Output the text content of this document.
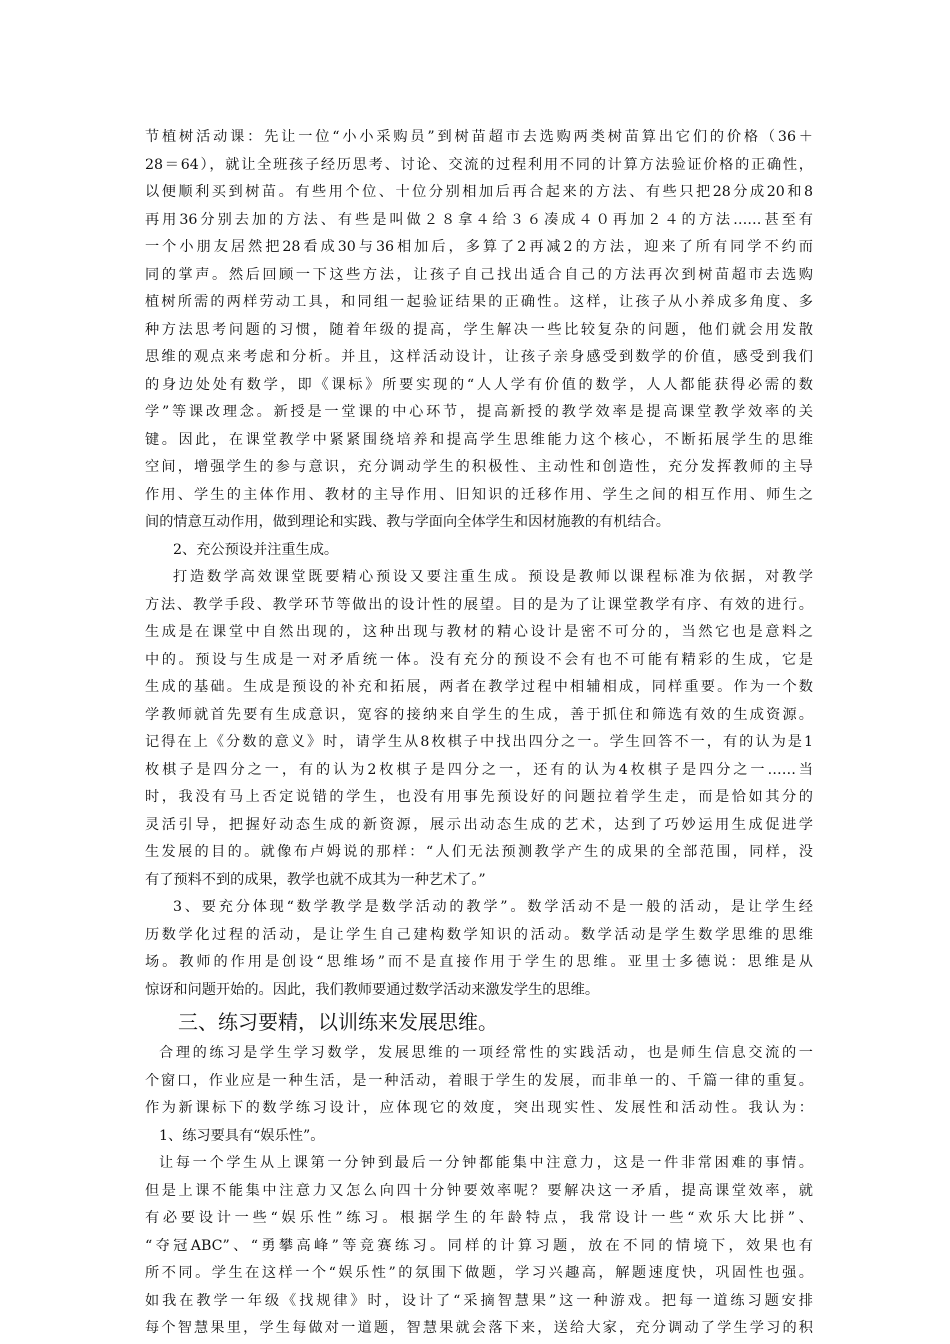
节植树活动课：先让一位“小小采购员”到树苗超市去选购两类树苗算出它们的价格（36＋
28＝64），就让全班孩子经历思考、讨论、交流的过程利用不同的计算方法验证价格的正确性，
以便顺利买到树苗。有些用个位、十位分别相加后再合起来的方法、有些只把28分成20和8
再用36分别去加的方法、有些是叫做２８拿４给３６凑成４０再加２４的方法……甚至有
一个小朋友居然把28看成30与36相加后，多算了2再减2的方法，迎来了所有同学不约而
同的掌声。然后回顾一下这些方法，让孩子自己找出适合自己的方法再次到树苗超市去选购
植树所需的两样劳动工具，和同组一起验证结果的正确性。这样，让孩子从小养成多角度、多
种方法思考问题的习惯，随着年级的提高，学生解决一些比较复杂的问题，他们就会用发散
思维的观点来考虑和分析。并且，这样活动设计，让孩子亲身感受到数学的价值，感受到我们
的身边处处有数学，即《课标》所要实现的“人人学有价值的数学，人人都能获得必需的数
学”等课改理念。新授是一堂课的中心环节，提高新授的教学效率是提高课堂教学效率的关
键。因此，在课堂教学中紧紧围绕培养和提高学生思维能力这个核心，不断拓展学生的思维
空间，增强学生的参与意识，充分调动学生的积极性、主动性和创造性，充分发挥教师的主导
作用、学生的主体作用、教材的主导作用、旧知识的迁移作用、学生之间的相互作用、师生之
间的情意互动作用，做到理论和实践、教与学面向全体学生和因材施教的有机结合。
2、充公预设并注重生成。
打造数学高效课堂既要精心预设又要注重生成。预设是教师以课程标准为依据，对教学
方法、教学手段、教学环节等做出的设计性的展望。目的是为了让课堂教学有序、有效的进行。
生成是在课堂中自然出现的，这种出现与教材的精心设计是密不可分的，当然它也是意料之
中的。预设与生成是一对矛盾统一体。没有充分的预设不会有也不可能有精彩的生成，它是
生成的基础。生成是预设的补充和拓展，两者在教学过程中相辅相成，同样重要。作为一个数
学教师就首先要有生成意识，宽容的接纳来自学生的生成，善于抓住和筛选有效的生成资源。
记得在上《分数的意义》时，请学生从8枚棋子中找出四分之一。学生回答不一，有的认为是1
枚棋子是四分之一，有的认为2枚棋子是四分之一，还有的认为4枚棋子是四分之一……当
时，我没有马上否定说错的学生，也没有用事先预设好的问题拉着学生走，而是恰如其分的
灵活引导，把握好动态生成的新资源，展示出动态生成的艺术，达到了巧妙运用生成促进学
生发展的目的。就像布卢姆说的那样：“人们无法预测教学产生的成果的全部范围，同样，没
有了预料不到的成果，教学也就不成其为一种艺术了。”
3、要充分体现“数学教学是数学活动的教学”。数学活动不是一般的活动，是让学生经
历数学化过程的活动，是让学生自己建构数学知识的活动。数学活动是学生数学思维的思维
场。教师的作用是创设“思维场”而不是直接作用于学生的思维。亚里士多德说：思维是从
惊讶和问题开始的。因此，我们教师要通过数学活动来激发学生的思维。
三、练习要精，以训练来发展思维。
合理的练习是学生学习数学，发展思维的一项经常性的实践活动，也是师生信息交流的一
个窗口，作业应是一种生活，是一种活动，着眼于学生的发展，而非单一的、千篇一律的重复。
作为新课标下的数学练习设计，应体现它的效度，突出现实性、发展性和活动性。我认为：
1、练习要具有“娱乐性”。
让每一个学生从上课第一分钟到最后一分钟都能集中注意力，这是一件非常困难的事情。
但是上课不能集中注意力又怎么向四十分钟要效率呢？要解决这一矛盾，提高课堂效率，就
有必要设计一些“娱乐性”练习。根据学生的年龄特点，我常设计一些“欢乐大比拼”、
“夺冠ABC”、“勇攀高峰”等竞赛练习。同样的计算习题，放在不同的情境下，效果也有
所不同。学生在这样一个“娱乐性”的氛围下做题，学习兴趣高，解题速度快，巩固性也强。
如我在教学一年级《找规律》时，设计了“采摘智慧果”这一种游戏。把每一道练习题安排
每个智慧果里，学生每做对一道题，智慧果就会落下来，送给大家，充分调动了学生学习的积
